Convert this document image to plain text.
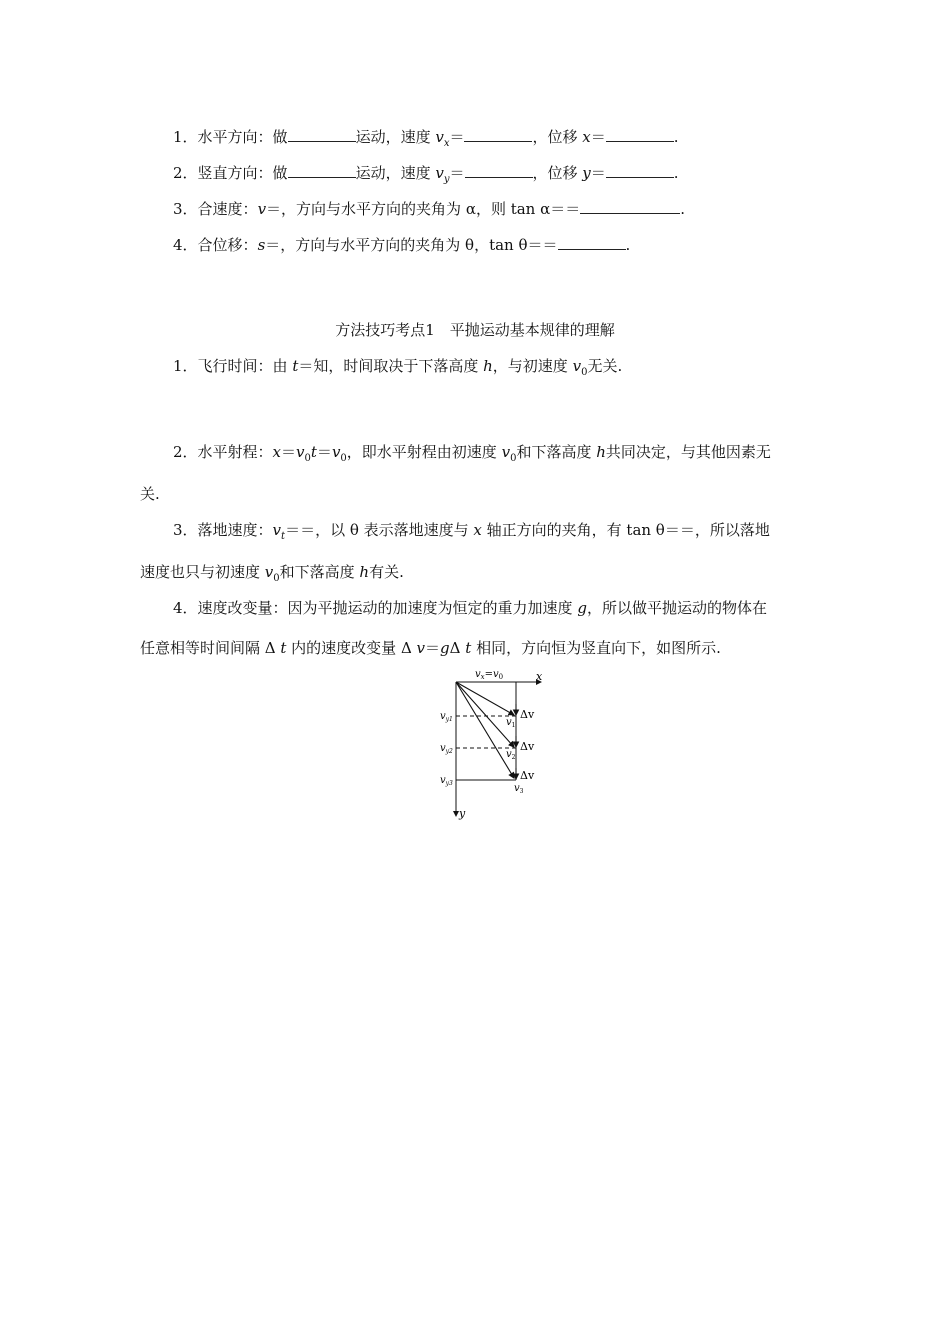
1．水平方向：做	运动，速度 $v_x=$	，位移 x＝	.
2．竖直方向：做	运动，速度 $v_y=$	，位移 y＝	.
3．合速度：v＝，方向与水平方向的夹角为 α，则 tan α＝＝	.
4．合位移：s＝，方向与水平方向的夹角为 θ，tan θ＝＝	.
方法技巧考点1　平抛运动基本规律的理解
1．飞行时间：由 t＝知，时间取决于下落高度 h，与初速度 $v_0$无关.
2．水平射程：$x=v_0t=v_0$，即水平射程由初速度 $v_0$和下落高度 h共同决定，与其他因素无
关.
3．落地速度：$v_t==$，以 θ 表示落地速度与 x 轴正方向的夹角，有 tan θ＝＝，所以落地
速度也只与初速度 $v_0$和下落高度 h有关.
4．速度改变量：因为平抛运动的加速度为恒定的重力加速度 g，所以做平抛运动的物体在
任意相等时间间隔 Δ t 内的速度改变量 Δ v＝gΔ t 相同，方向恒为竖直向下，如图所示.
$v_x=v_0$	x
y
$v_{y1}$
$v_{y2}$
$v_{y3}$
$v_1$
$v_2$
$v_3$
Δv
Δv
Δv
